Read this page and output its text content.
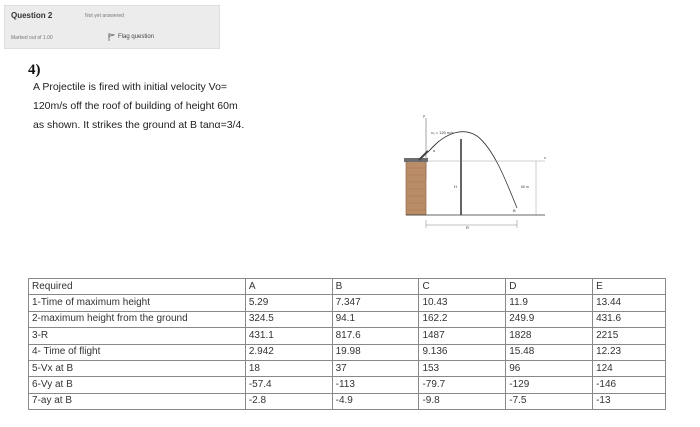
Question 2	Not yet answered
Marked out of 1.00	Flag question
4)
A Projectile is fired with initial velocity Vo=
120m/s off the roof of building of height 60m
as shown. It strikes the ground at B tanα=3/4.
y
v₀ = 120 m/s
α
H
x
60 m
B
R
Required	A	B	C	D	E
1-Time of maximum height	5.29	7.347	10.43	11.9	13.44
2-maximum height from the ground	324.5	94.1	162.2	249.9	431.6
3-R	431.1	817.6	1487	1828	2215
4- Time of flight	2.942	19.98	9.136	15.48	12.23
5-Vx at B	18	37	153	96	124
6-Vy at B	-57.4	-113	-79.7	-129	-146
7-ay at B	-2.8	-4.9	-9.8	-7.5	-13
